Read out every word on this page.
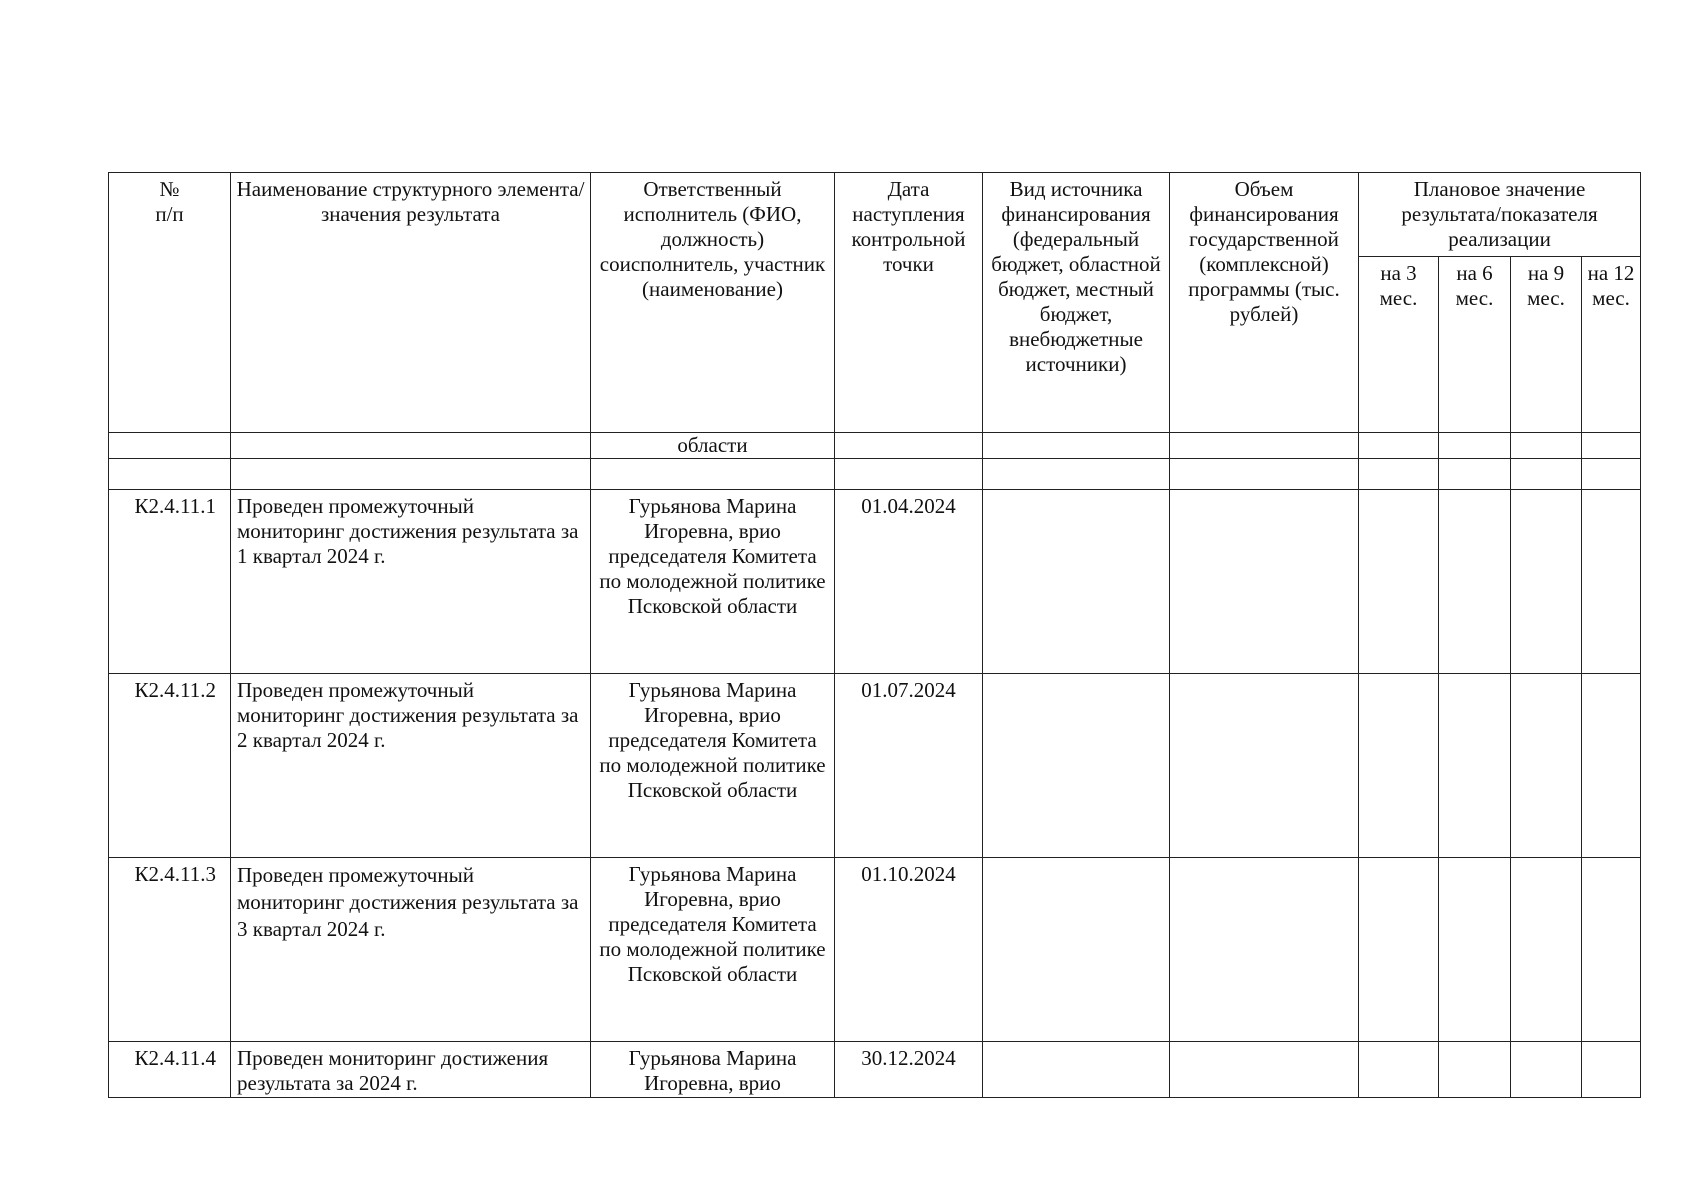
№
п/п	Наименование структурного элемента/ значения результата	Ответственный исполнитель (ФИО, должность) соисполнитель, участник (наименование)	Дата наступления контрольной точки	Вид источника финансирования (федеральный бюджет, областной бюджет, местный бюджет, внебюджетные источники)	Объем финансирования государственной (комплексной) программы (тыс. рублей)	Плановое значение результата/показателя реализации			
						на 3 мес.	на 6 мес.	на 9 мес.	на 12 мес.
		области							

К2.4.11.1	Проведен промежуточный мониторинг достижения результата за 1 квартал 2024 г.	Гурьянова Марина Игоревна, врио председателя Комитета по молодежной политике Псковской области	01.04.2024						
К2.4.11.2	Проведен промежуточный мониторинг достижения результата за 2 квартал 2024 г.	Гурьянова Марина Игоревна, врио председателя Комитета по молодежной политике Псковской области	01.07.2024						
К2.4.11.3	Проведен промежуточный мониторинг достижения результата за 3 квартал 2024 г.	Гурьянова Марина Игоревна, врио председателя Комитета по молодежной политике Псковской области	01.10.2024						
К2.4.11.4	Проведен мониторинг достижения результата за 2024 г.	Гурьянова Марина Игоревна, врио	30.12.2024						
